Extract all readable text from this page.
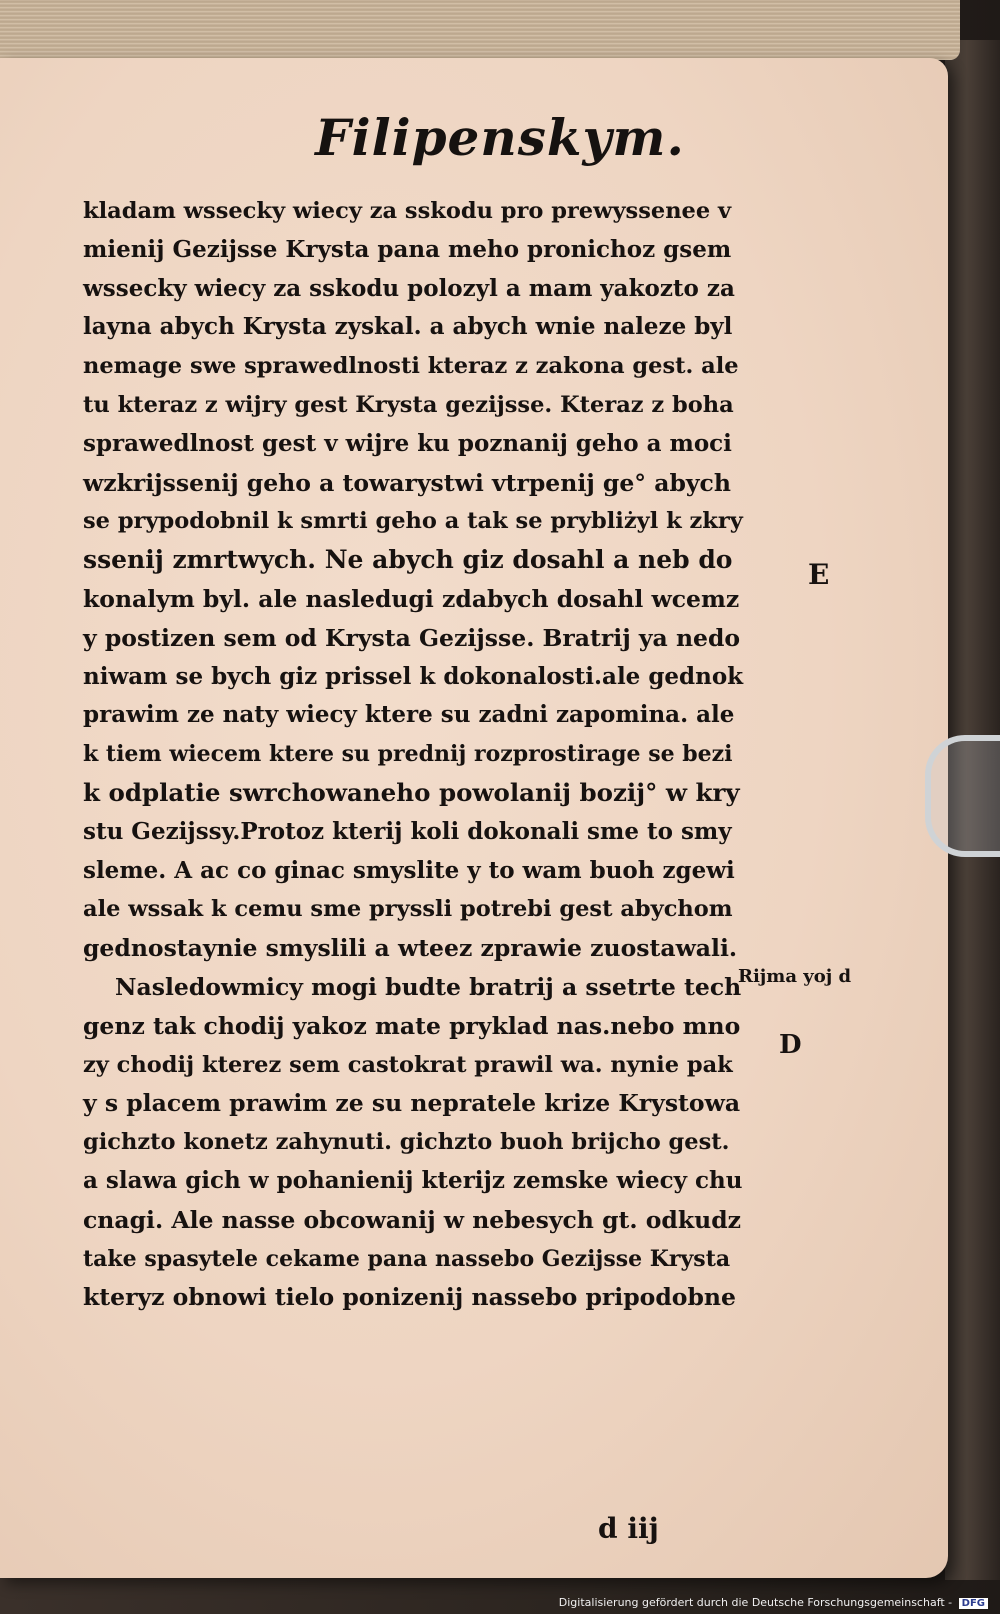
Filipenskym.
kladam wssecky wiecy za sskodu pro prewyssenee v
mienij Gezijsse Krysta pana meho pronichoz gsem
wssecky wiecy za sskodu polozyl a mam yakozto za
layna abych Krysta zyskal. a abych wnie naleze byl
nemage swe sprawedlnosti kteraz z zakona gest. ale
tu kteraz z wijry gest Krysta gezijsse. Kteraz z boha
sprawedlnost gest v wijre ku poznanij geho a moci
wzkrijssenij geho a towarystwi vtrpenij ge° abych
se prypodobnil k smrti geho a tak se prybliżyl k zkry
ssenij zmrtwych. Ne abych giz dosahl a neb do
konalym byl. ale nasledugi zdabych dosahl wcemz
y postizen sem od Krysta Gezijsse. Bratrij ya nedo
niwam se bych giz prissel k dokonalosti.ale gednok
prawim ze naty wiecy ktere su zadni zapomina. ale
k tiem wiecem ktere su prednij rozprostirage se bezi
k odplatie swrchowaneho powolanij bozij° w kry
stu Gezijssy.Protoz kterij koli dokonali sme to smy
sleme. A ac co ginac smyslite y to wam buoh zgewi
ale wssak k cemu sme pryssli potrebi gest abychom
gednostaynie smyslili a wteez zprawie zuostawali.
Nasledowmicy mogi budte bratrij a ssetrte tech
genz tak chodij yakoz mate pryklad nas.nebo mno
zy chodij kterez sem castokrat prawil wa. nynie pak
y s placem prawim ze su nepratele krize Krystowa
gichzto konetz zahynuti. gichzto buoh brijcho gest.
a slawa gich w pohanienij kterijz zemske wiecy chu
cnagi. Ale nasse obcowanij w nebesych gt. odkudz
take spasytele cekame pana nassebo Gezijsse Krysta
kteryz obnowi tielo ponizenij nassebo pripodobne
d iij
E
Rijma yoj d
D
Digitalisierung gefördert durch die Deutsche Forschungsgemeinschaft - DFG
